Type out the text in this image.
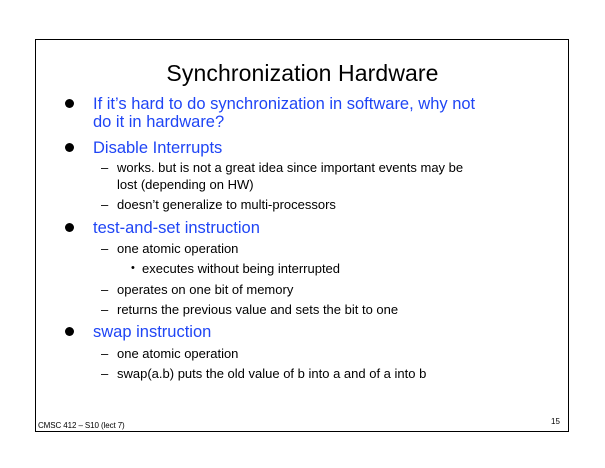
Synchronization Hardware
If it’s hard to do synchronization in software, why not
do it in hardware?
Disable Interrupts
– works. but is not a great idea since important events may be
lost (depending on HW)
– doesn’t generalize to multi-processors
test-and-set instruction
– one atomic operation
• executes without being interrupted
– operates on one bit of memory
– returns the previous value and sets the bit to one
swap instruction
– one atomic operation
– swap(a.b) puts the old value of b into a and of a into b
CMSC 412 – S10 (lect 7)	15
